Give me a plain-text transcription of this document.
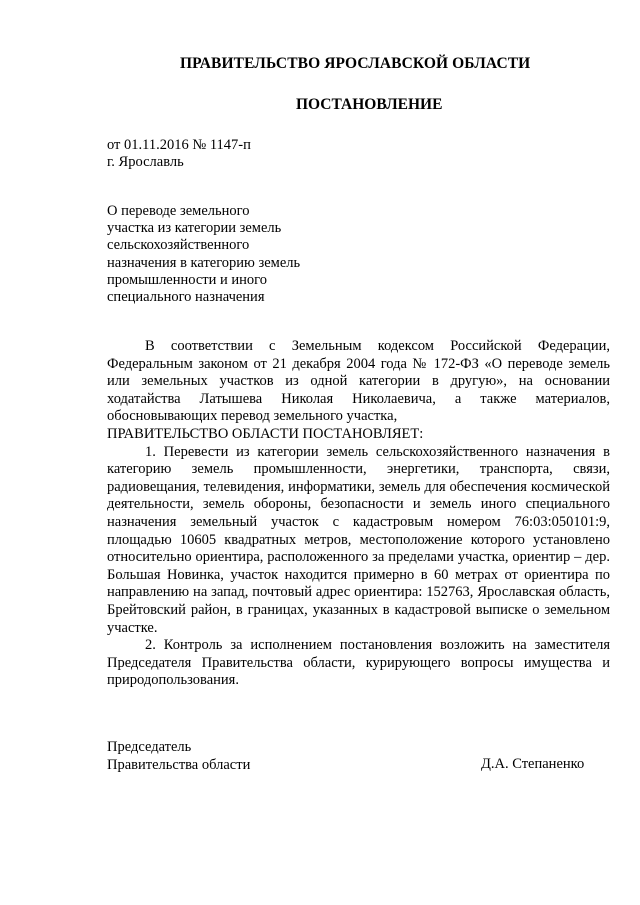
ПРАВИТЕЛЬСТВО ЯРОСЛАВСКОЙ ОБЛАСТИ
ПОСТАНОВЛЕНИЕ
от 01.11.2016 № 1147-п
г. Ярославль
О переводе земельного
участка из категории земель
сельскохозяйственного
назначения в категорию земель
промышленности и иного
специального назначения

В соответствии с Земельным кодексом Российской Федерации, Федеральным законом от 21 декабря 2004 года № 172-ФЗ «О переводе земель или земельных участков из одной категории в другую», на основании ходатайства Латышева Николая Николаевича, а также материалов, обосновывающих перевод земельного участка,

ПРАВИТЕЛЬСТВО ОБЛАСТИ ПОСТАНОВЛЯЕТ:

1. Перевести из категории земель сельскохозяйственного назначения в категорию земель промышленности, энергетики, транспорта, связи, радиовещания, телевидения, информатики, земель для обеспечения космической деятельности, земель обороны, безопасности и земель иного специального назначения земельный участок с кадастровым номером 76:03:050101:9, площадью 10605 квадратных метров, местоположение которого установлено относительно ориентира, расположенного за пределами участка, ориентир – дер. Большая Новинка, участок находится примерно в 60 метрах от ориентира по направлению на запад, почтовый адрес ориентира: 152763, Ярославская область, Брейтовский район, в границах, указанных в кадастровой выписке о земельном участке.

2. Контроль за исполнением постановления возложить на заместителя Председателя Правительства области, курирующего вопросы имущества и природопользования.

Председатель
Правительства области	Д.А. Степаненко
